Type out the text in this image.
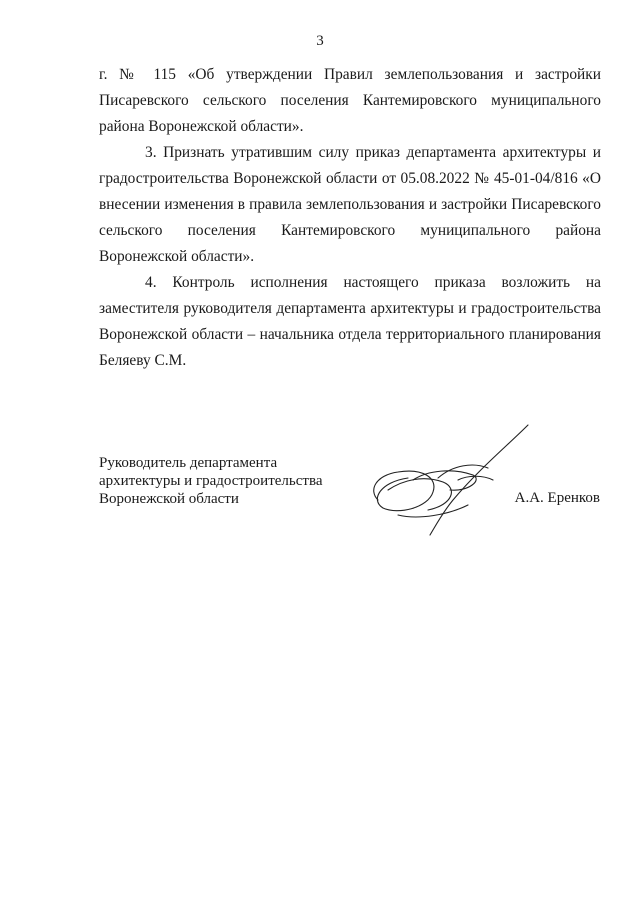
3

г. № 115 «Об утверждении Правил землепользования и застройки Писаревского сельского поселения Кантемировского муниципального района Воронежской области».

3. Признать утратившим силу приказ департамента архитектуры и градостроительства Воронежской области от 05.08.2022 № 45-01-04/816 «О внесении изменения в правила землепользования и застройки Писаревского сельского поселения Кантемировского муниципального района Воронежской области».

4. Контроль исполнения настоящего приказа возложить на заместителя руководителя департамента архитектуры и градостроительства Воронежской области – начальника отдела территориального планирования Беляеву С.М.

Руководитель департамента
архитектуры и градостроительства
Воронежской области	А.А. Еренков
